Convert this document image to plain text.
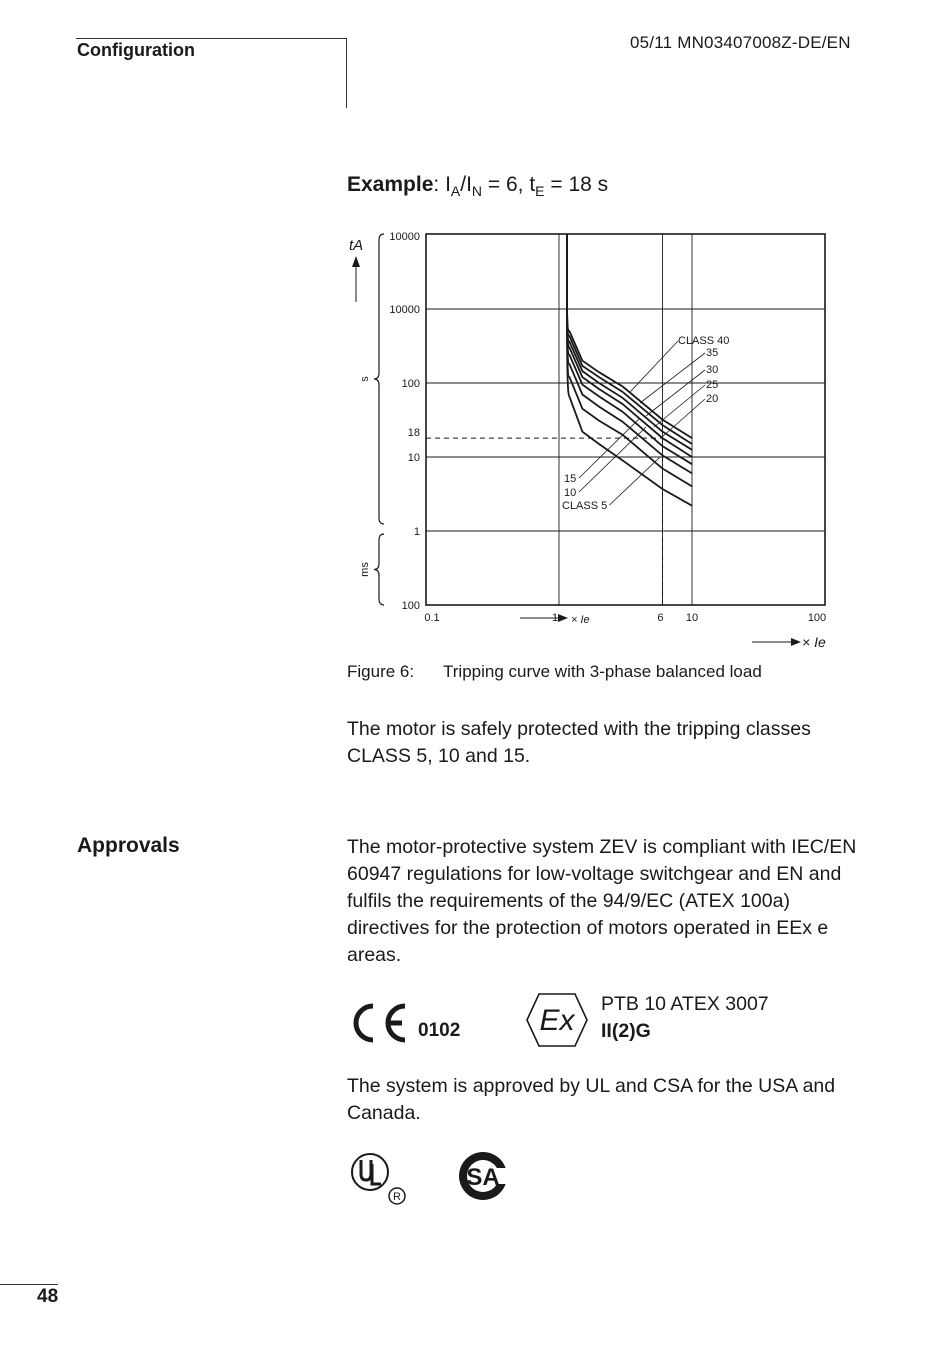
Configuration	05/11 MN03407008Z-DE/EN
Example: $I_A/I_N = 6$, $t_E = 18$ s
CLASS 40
35
30
25
20
15
10
CLASS 5
100
1
10
18
100
10000
10000
0.1	1	6 10	100
× Ie
× Ie
tA
s
ms
Figure 6: Tripping curve with 3-phase balanced load
The motor is safely protected with the tripping classes CLASS 5, 10 and 15.
Approvals	The motor-protective system ZEV is compliant with IEC/EN 60947 regulations for low-voltage switchgear and EN and fulfils the requirements of the 94/9/EC (ATEX 100a) directives for the protection of motors operated in EEx e areas.
0102	Ex PTB 10 ATEX 3007
II(2)G
The system is approved by UL and CSA for the USA and Canada.
R
SA
48
